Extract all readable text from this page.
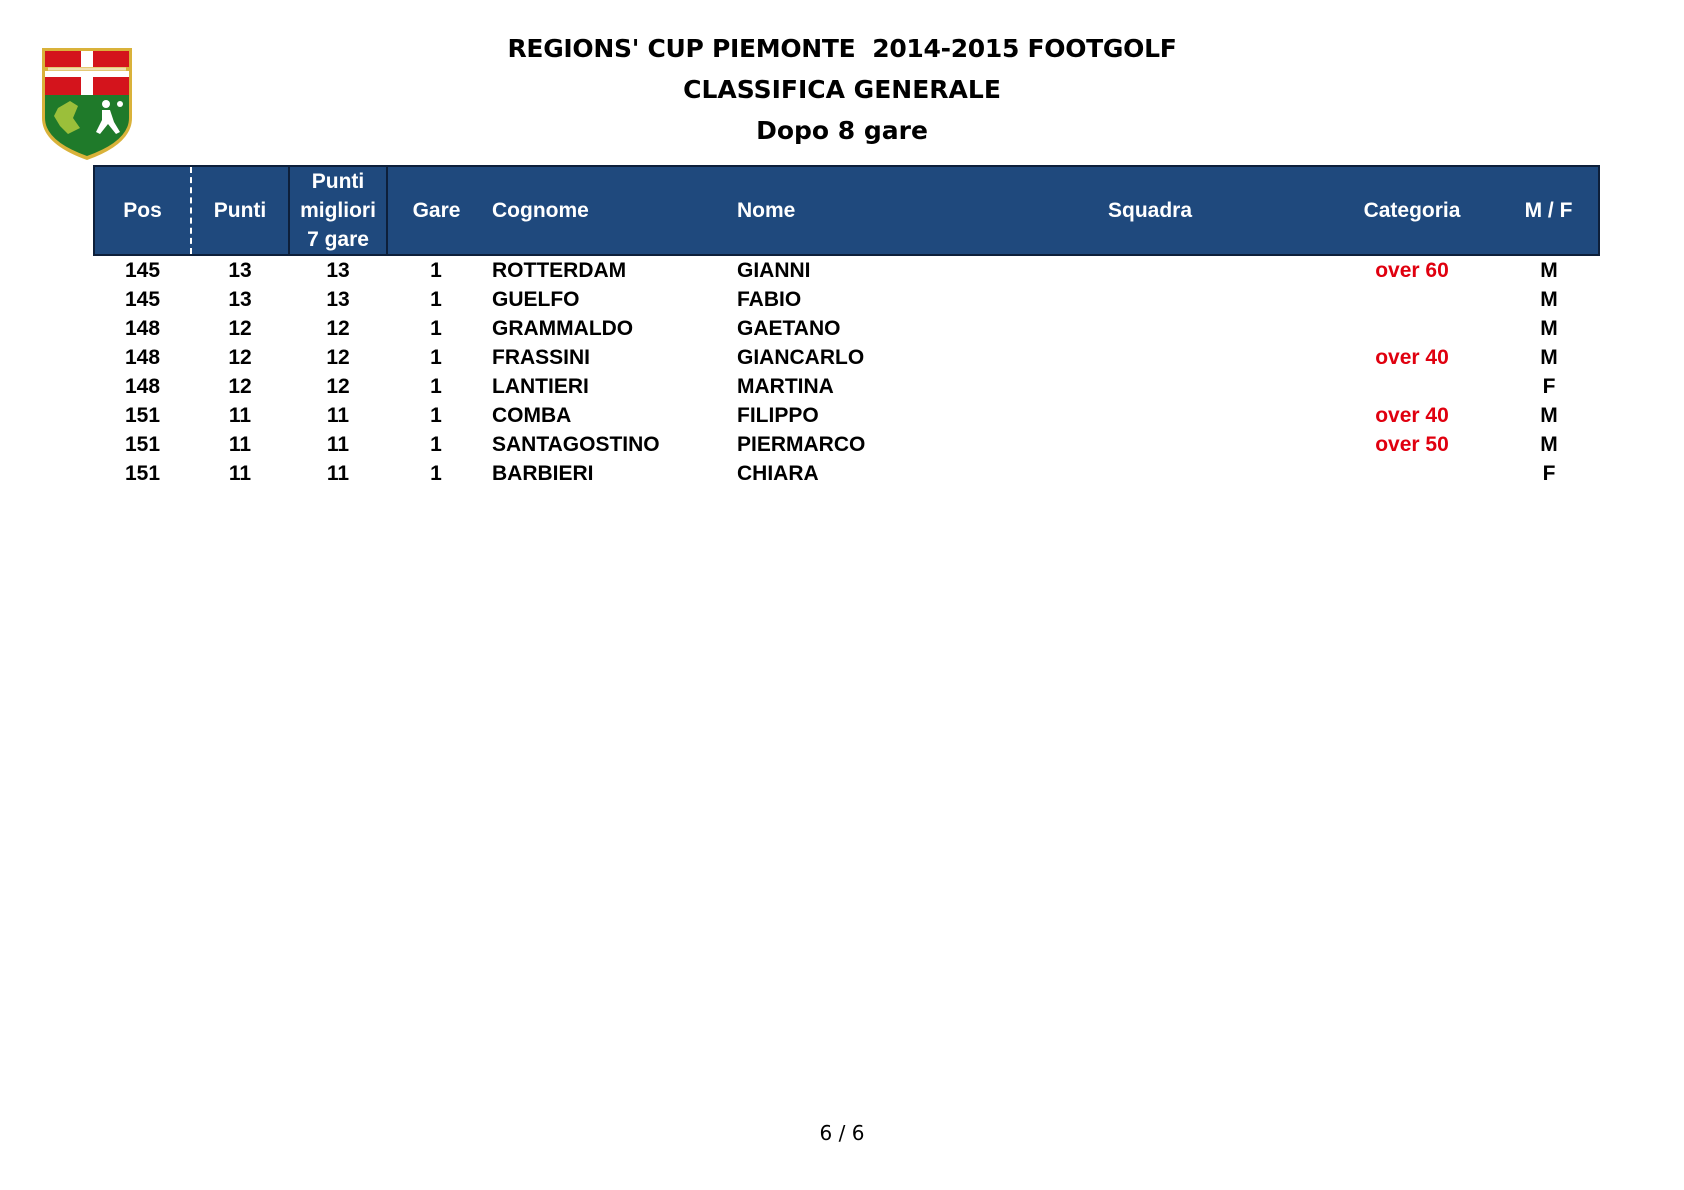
REGIONS' CUP PIEMONTE  2014-2015 FOOTGOLF
CLASSIFICA GENERALE
Dopo 8 gare
Pos	Punti	Punti
migliori
7 gare	Gare	Cognome	Nome	Squadra	Categoria	M / F
145	13	13	1	ROTTERDAM	GIANNI		over 60	M
145	13	13	1	GUELFO	FABIO			M
148	12	12	1	GRAMMALDO	GAETANO			M
148	12	12	1	FRASSINI	GIANCARLO		over 40	M
148	12	12	1	LANTIERI	MARTINA			F
151	11	11	1	COMBA	FILIPPO		over 40	M
151	11	11	1	SANTAGOSTINO	PIERMARCO		over 50	M
151	11	11	1	BARBIERI	CHIARA			F
6 / 6
